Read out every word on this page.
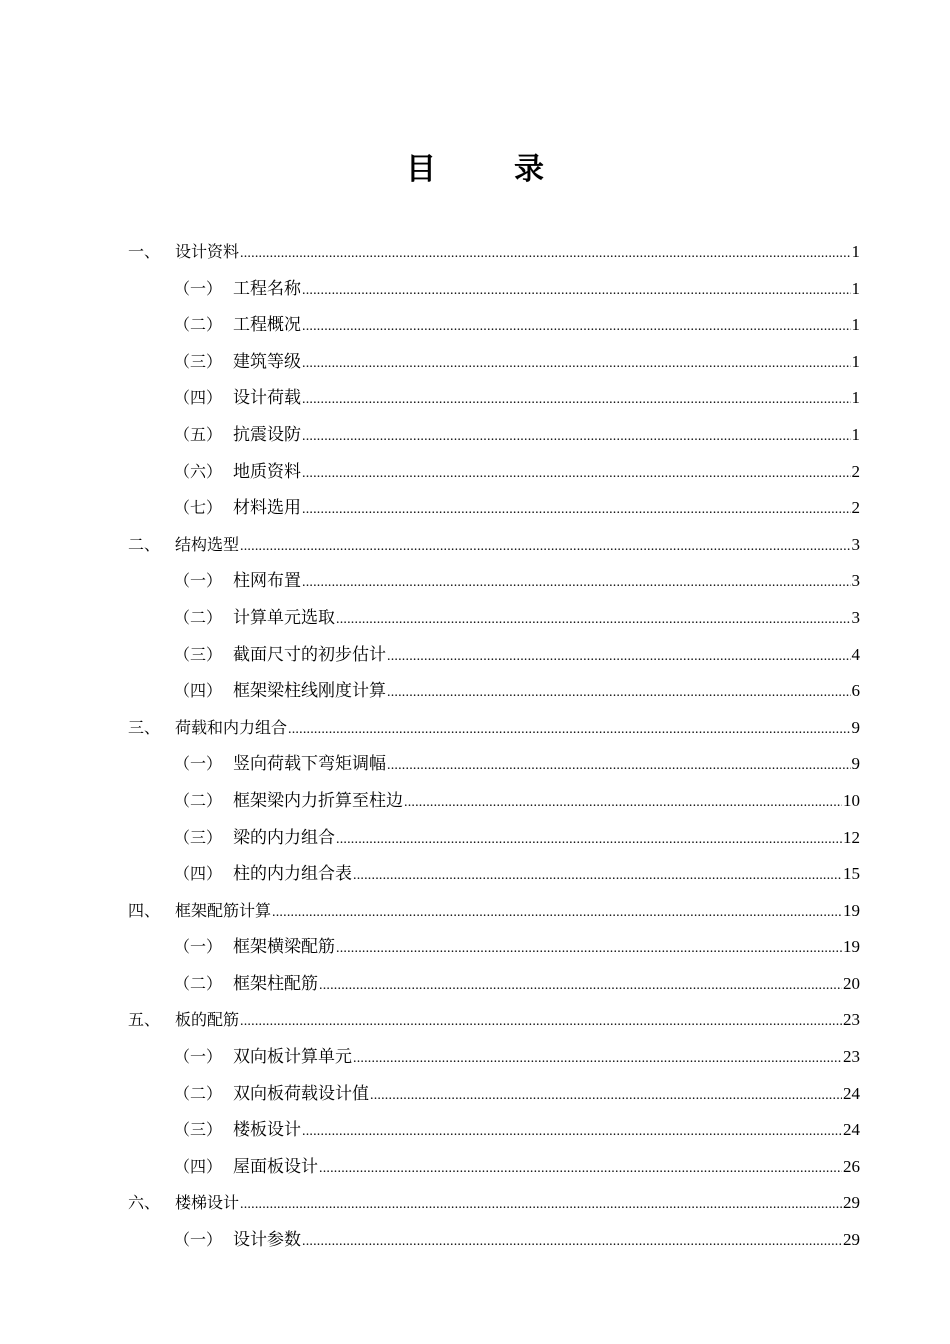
目　录
一、 设计资料 .....	1
（一） 工程名称 .....	1
（二） 工程概况 .....	1
（三） 建筑等级 .....	1
（四） 设计荷载 .....	1
（五） 抗震设防 .....	1
（六） 地质资料 .....	2
（七） 材料选用 .....	2
二、 结构选型 .....	3
（一） 柱网布置 .....	3
（二） 计算单元选取 .....	3
（三） 截面尺寸的初步估计 .....	4
（四） 框架梁柱线刚度计算 .....	6
三、 荷载和内力组合 .....	9
（一） 竖向荷载下弯矩调幅 .....	9
（二） 框架梁内力折算至柱边 .....	10
（三） 梁的内力组合 .....	12
（四） 柱的内力组合表 .....	15
四、 框架配筋计算 .....	19
（一） 框架横梁配筋 .....	19
（二） 框架柱配筋 .....	20
五、 板的配筋 .....	23
（一） 双向板计算单元 .....	23
（二） 双向板荷载设计值 .....	24
（三） 楼板设计 .....	24
（四） 屋面板设计 .....	26
六、 楼梯设计 .....	29
（一） 设计参数 .....	29
